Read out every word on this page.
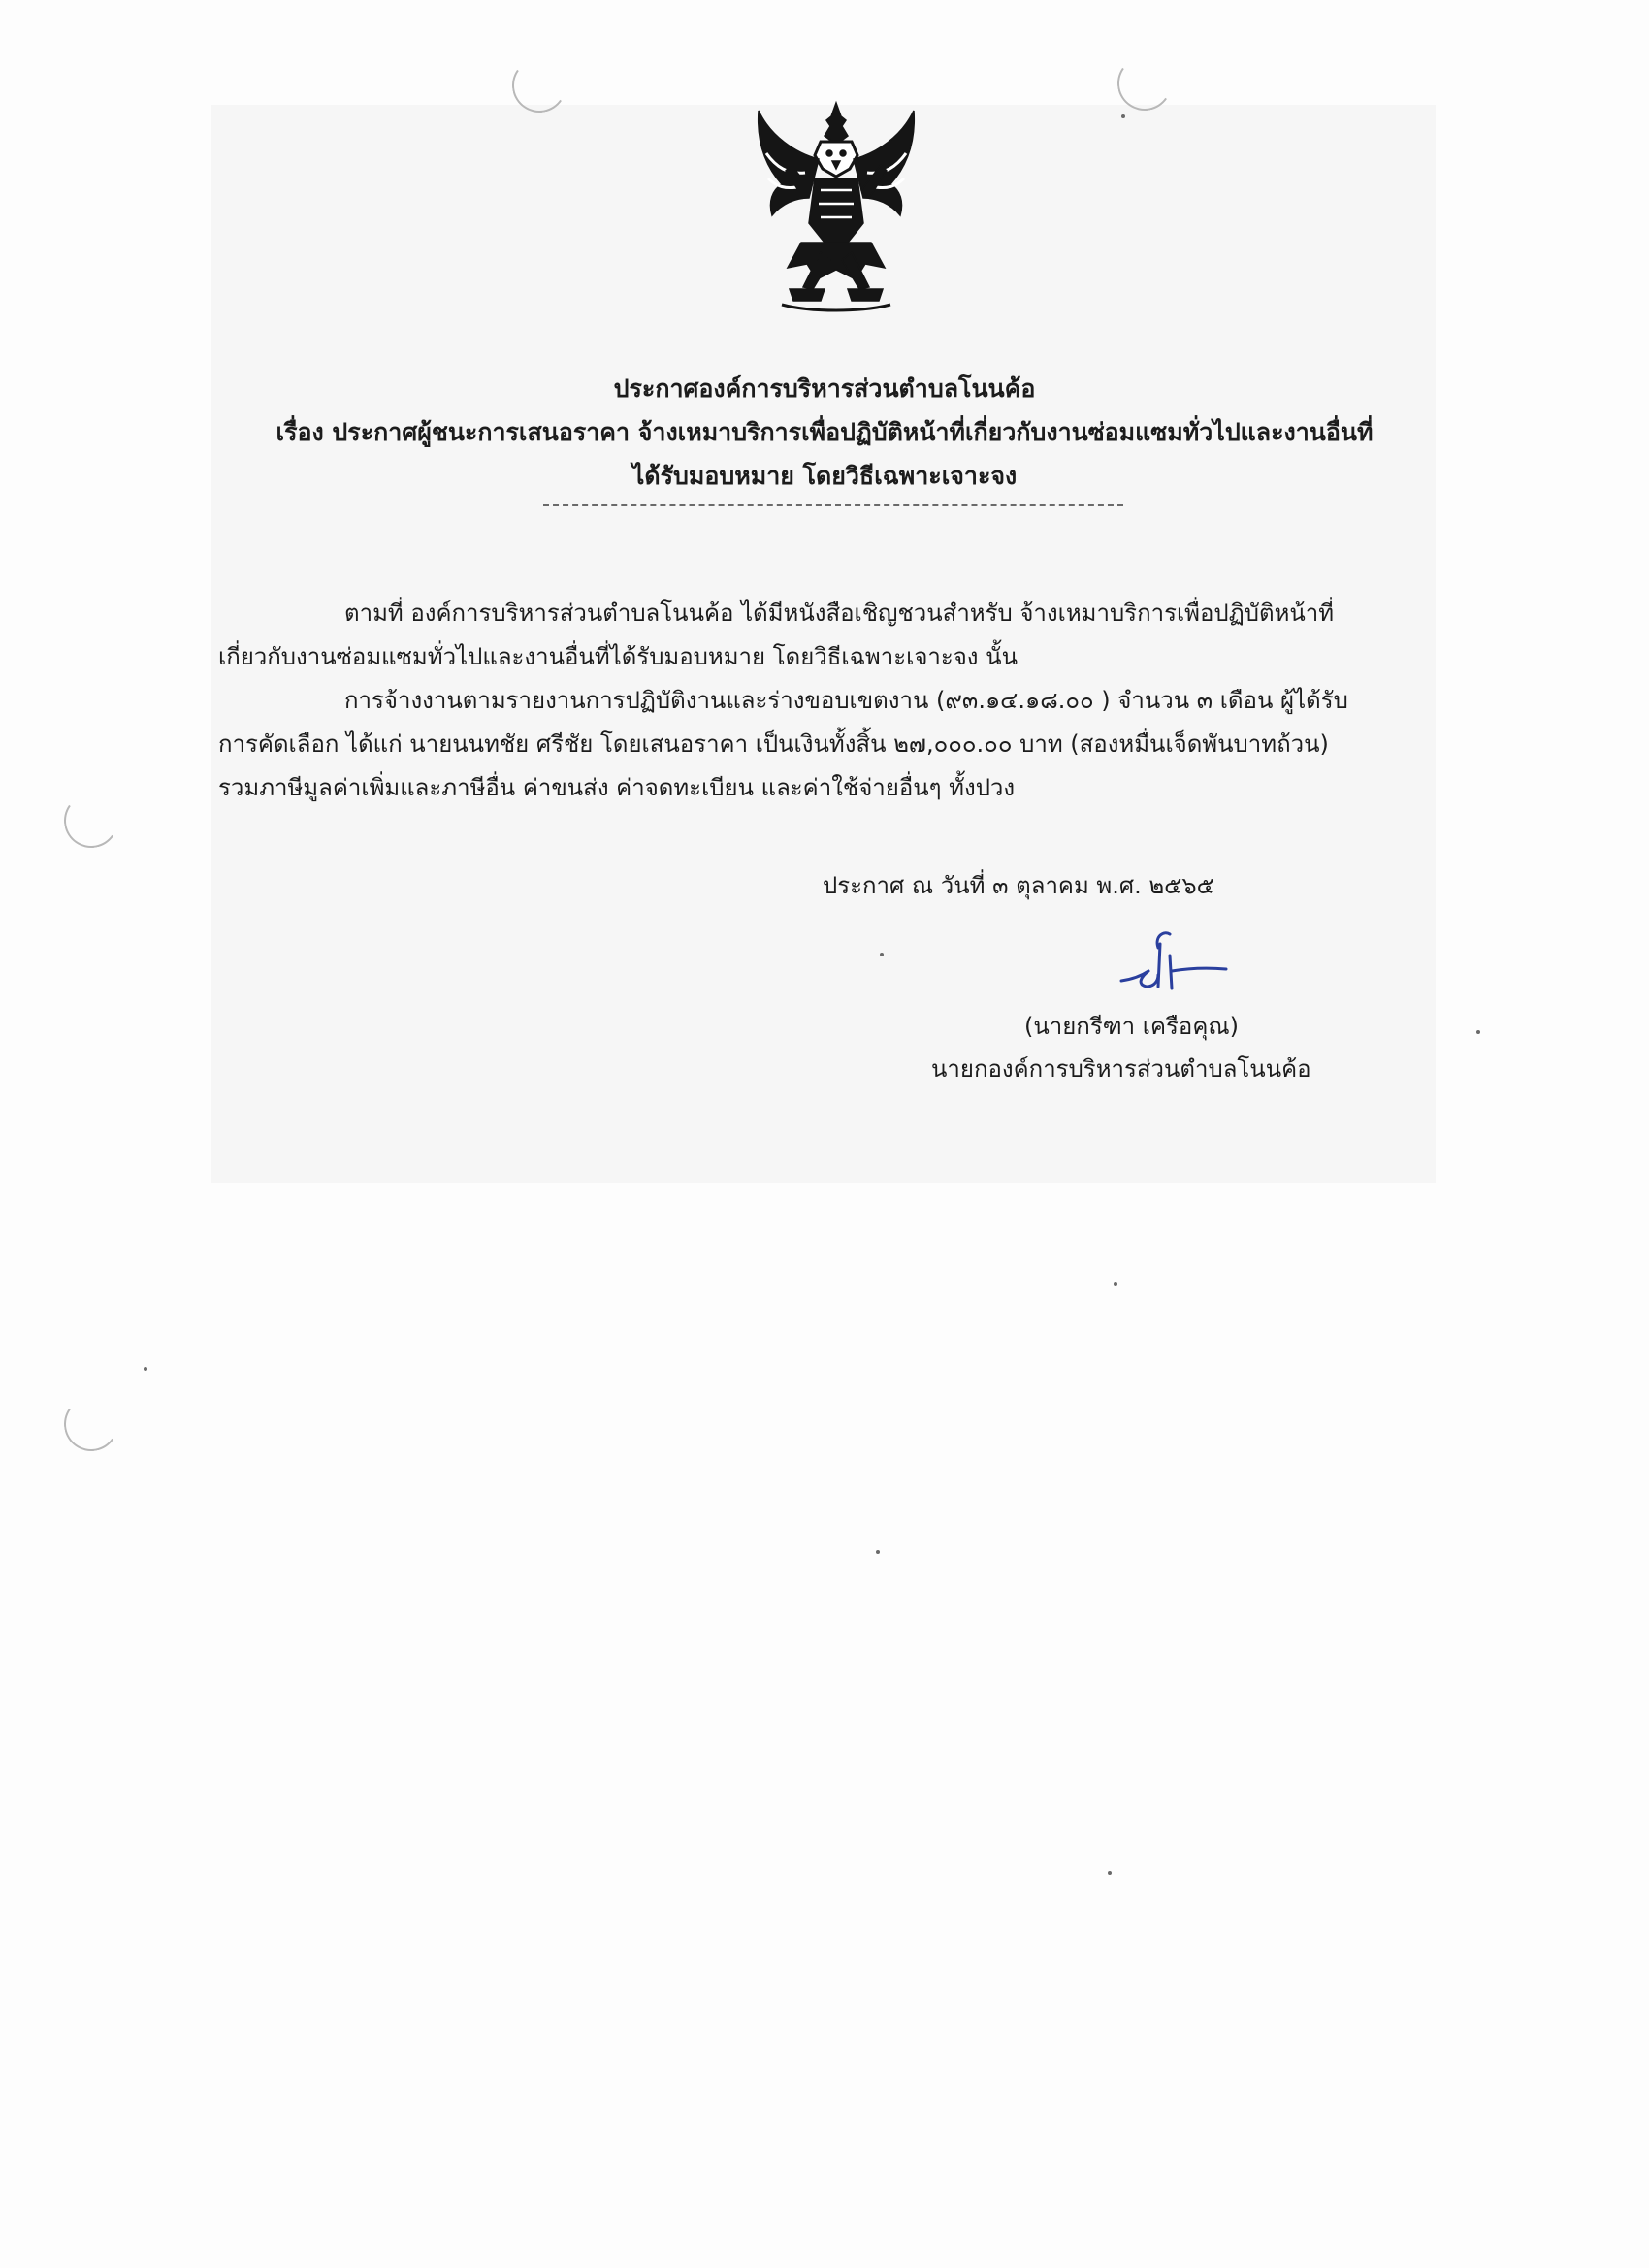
ประกาศองค์การบริหารส่วนตำบลโนนค้อ
เรื่อง ประกาศผู้ชนะการเสนอราคา จ้างเหมาบริการเพื่อปฏิบัติหน้าที่เกี่ยวกับงานซ่อมแซมทั่วไปและงานอื่นที่
ได้รับมอบหมาย โดยวิธีเฉพาะเจาะจง
ตามที่ องค์การบริหารส่วนตำบลโนนค้อ ได้มีหนังสือเชิญชวนสำหรับ จ้างเหมาบริการเพื่อปฏิบัติหน้าที่
เกี่ยวกับงานซ่อมแซมทั่วไปและงานอื่นที่ได้รับมอบหมาย โดยวิธีเฉพาะเจาะจง นั้น
การจ้างงานตามรายงานการปฏิบัติงานและร่างขอบเขตงาน (๙๓.๑๔.๑๘.๐๐ ) จำนวน ๓ เดือน ผู้ได้รับ
การคัดเลือก ได้แก่ นายนนทชัย ศรีชัย โดยเสนอราคา เป็นเงินทั้งสิ้น ๒๗,๐๐๐.๐๐ บาท (สองหมื่นเจ็ดพันบาทถ้วน)
รวมภาษีมูลค่าเพิ่มและภาษีอื่น ค่าขนส่ง ค่าจดทะเบียน และค่าใช้จ่ายอื่นๆ ทั้งปวง
ประกาศ ณ วันที่ ๓ ตุลาคม พ.ศ. ๒๕๖๕
(นายกรีฑา เครือคุณ)
นายกองค์การบริหารส่วนตำบลโนนค้อ
